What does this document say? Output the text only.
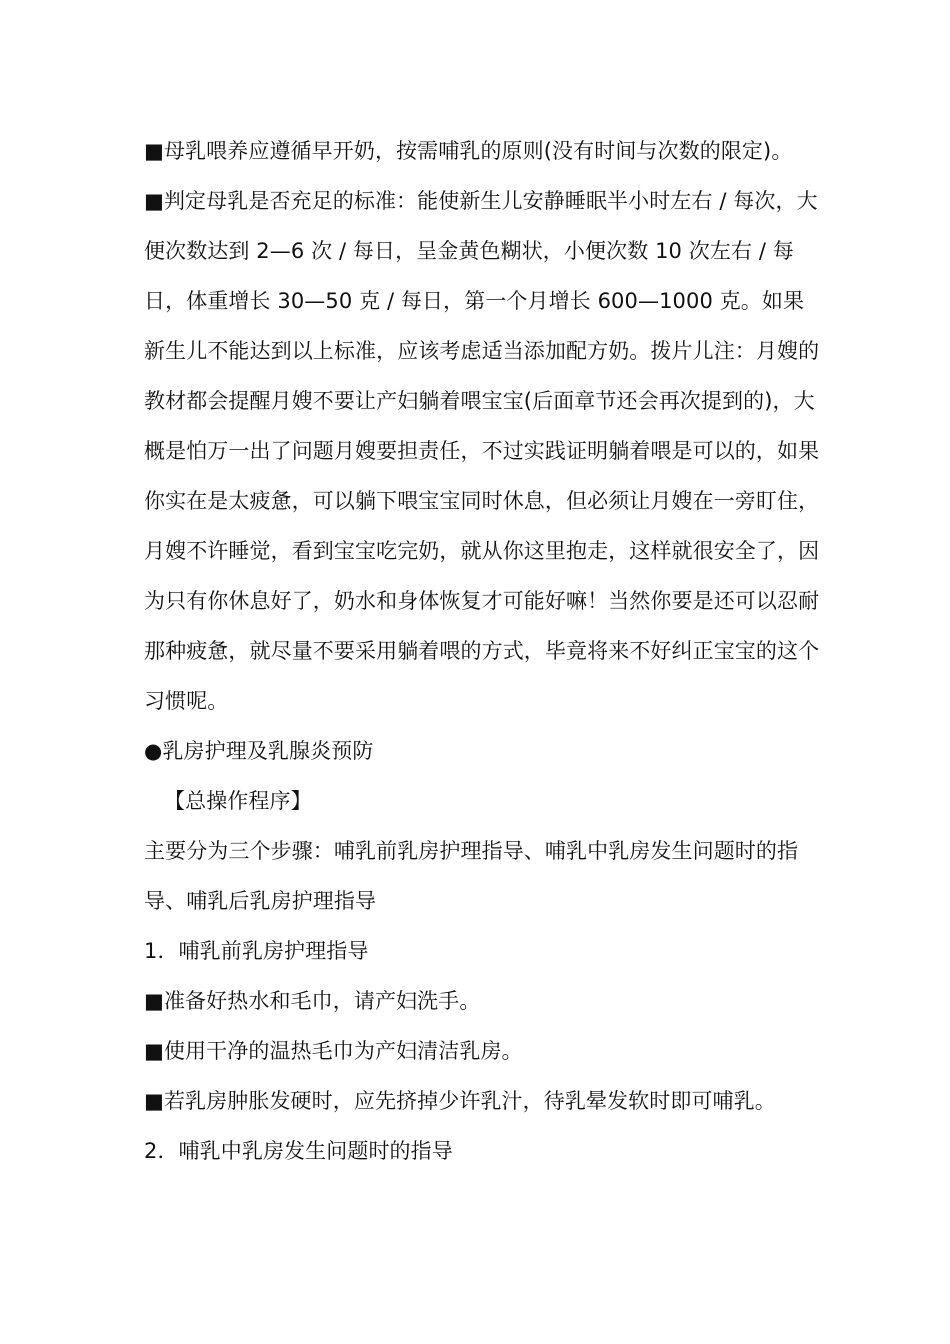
■母乳喂养应遵循早开奶，按需哺乳的原则(没有时间与次数的限定)。

■判定母乳是否充足的标准：能使新生儿安静睡眠半小时左右 / 每次，大便次数达到 2—6 次 / 每日，呈金黄色糊状，小便次数 10 次左右 / 每日，体重增长 30—50 克 / 每日，第一个月增长 600—1000 克。如果新生儿不能达到以上标准，应该考虑适当添加配方奶。拨片儿注：月嫂的教材都会提醒月嫂不要让产妇躺着喂宝宝(后面章节还会再次提到的)，大概是怕万一出了问题月嫂要担责任，不过实践证明躺着喂是可以的，如果你实在是太疲惫，可以躺下喂宝宝同时休息，但必须让月嫂在一旁盯住，月嫂不许睡觉，看到宝宝吃完奶，就从你这里抱走，这样就很安全了，因为只有你休息好了，奶水和身体恢复才可能好嘛！当然你要是还可以忍耐那种疲惫，就尽量不要采用躺着喂的方式，毕竟将来不好纠正宝宝的这个习惯呢。

●乳房护理及乳腺炎预防

【总操作程序】

主要分为三个步骤：哺乳前乳房护理指导、哺乳中乳房发生问题时的指导、哺乳后乳房护理指导

1．哺乳前乳房护理指导

■准备好热水和毛巾，请产妇洗手。

■使用干净的温热毛巾为产妇清洁乳房。

■若乳房肿胀发硬时，应先挤掉少许乳汁，待乳晕发软时即可哺乳。

2．哺乳中乳房发生问题时的指导
